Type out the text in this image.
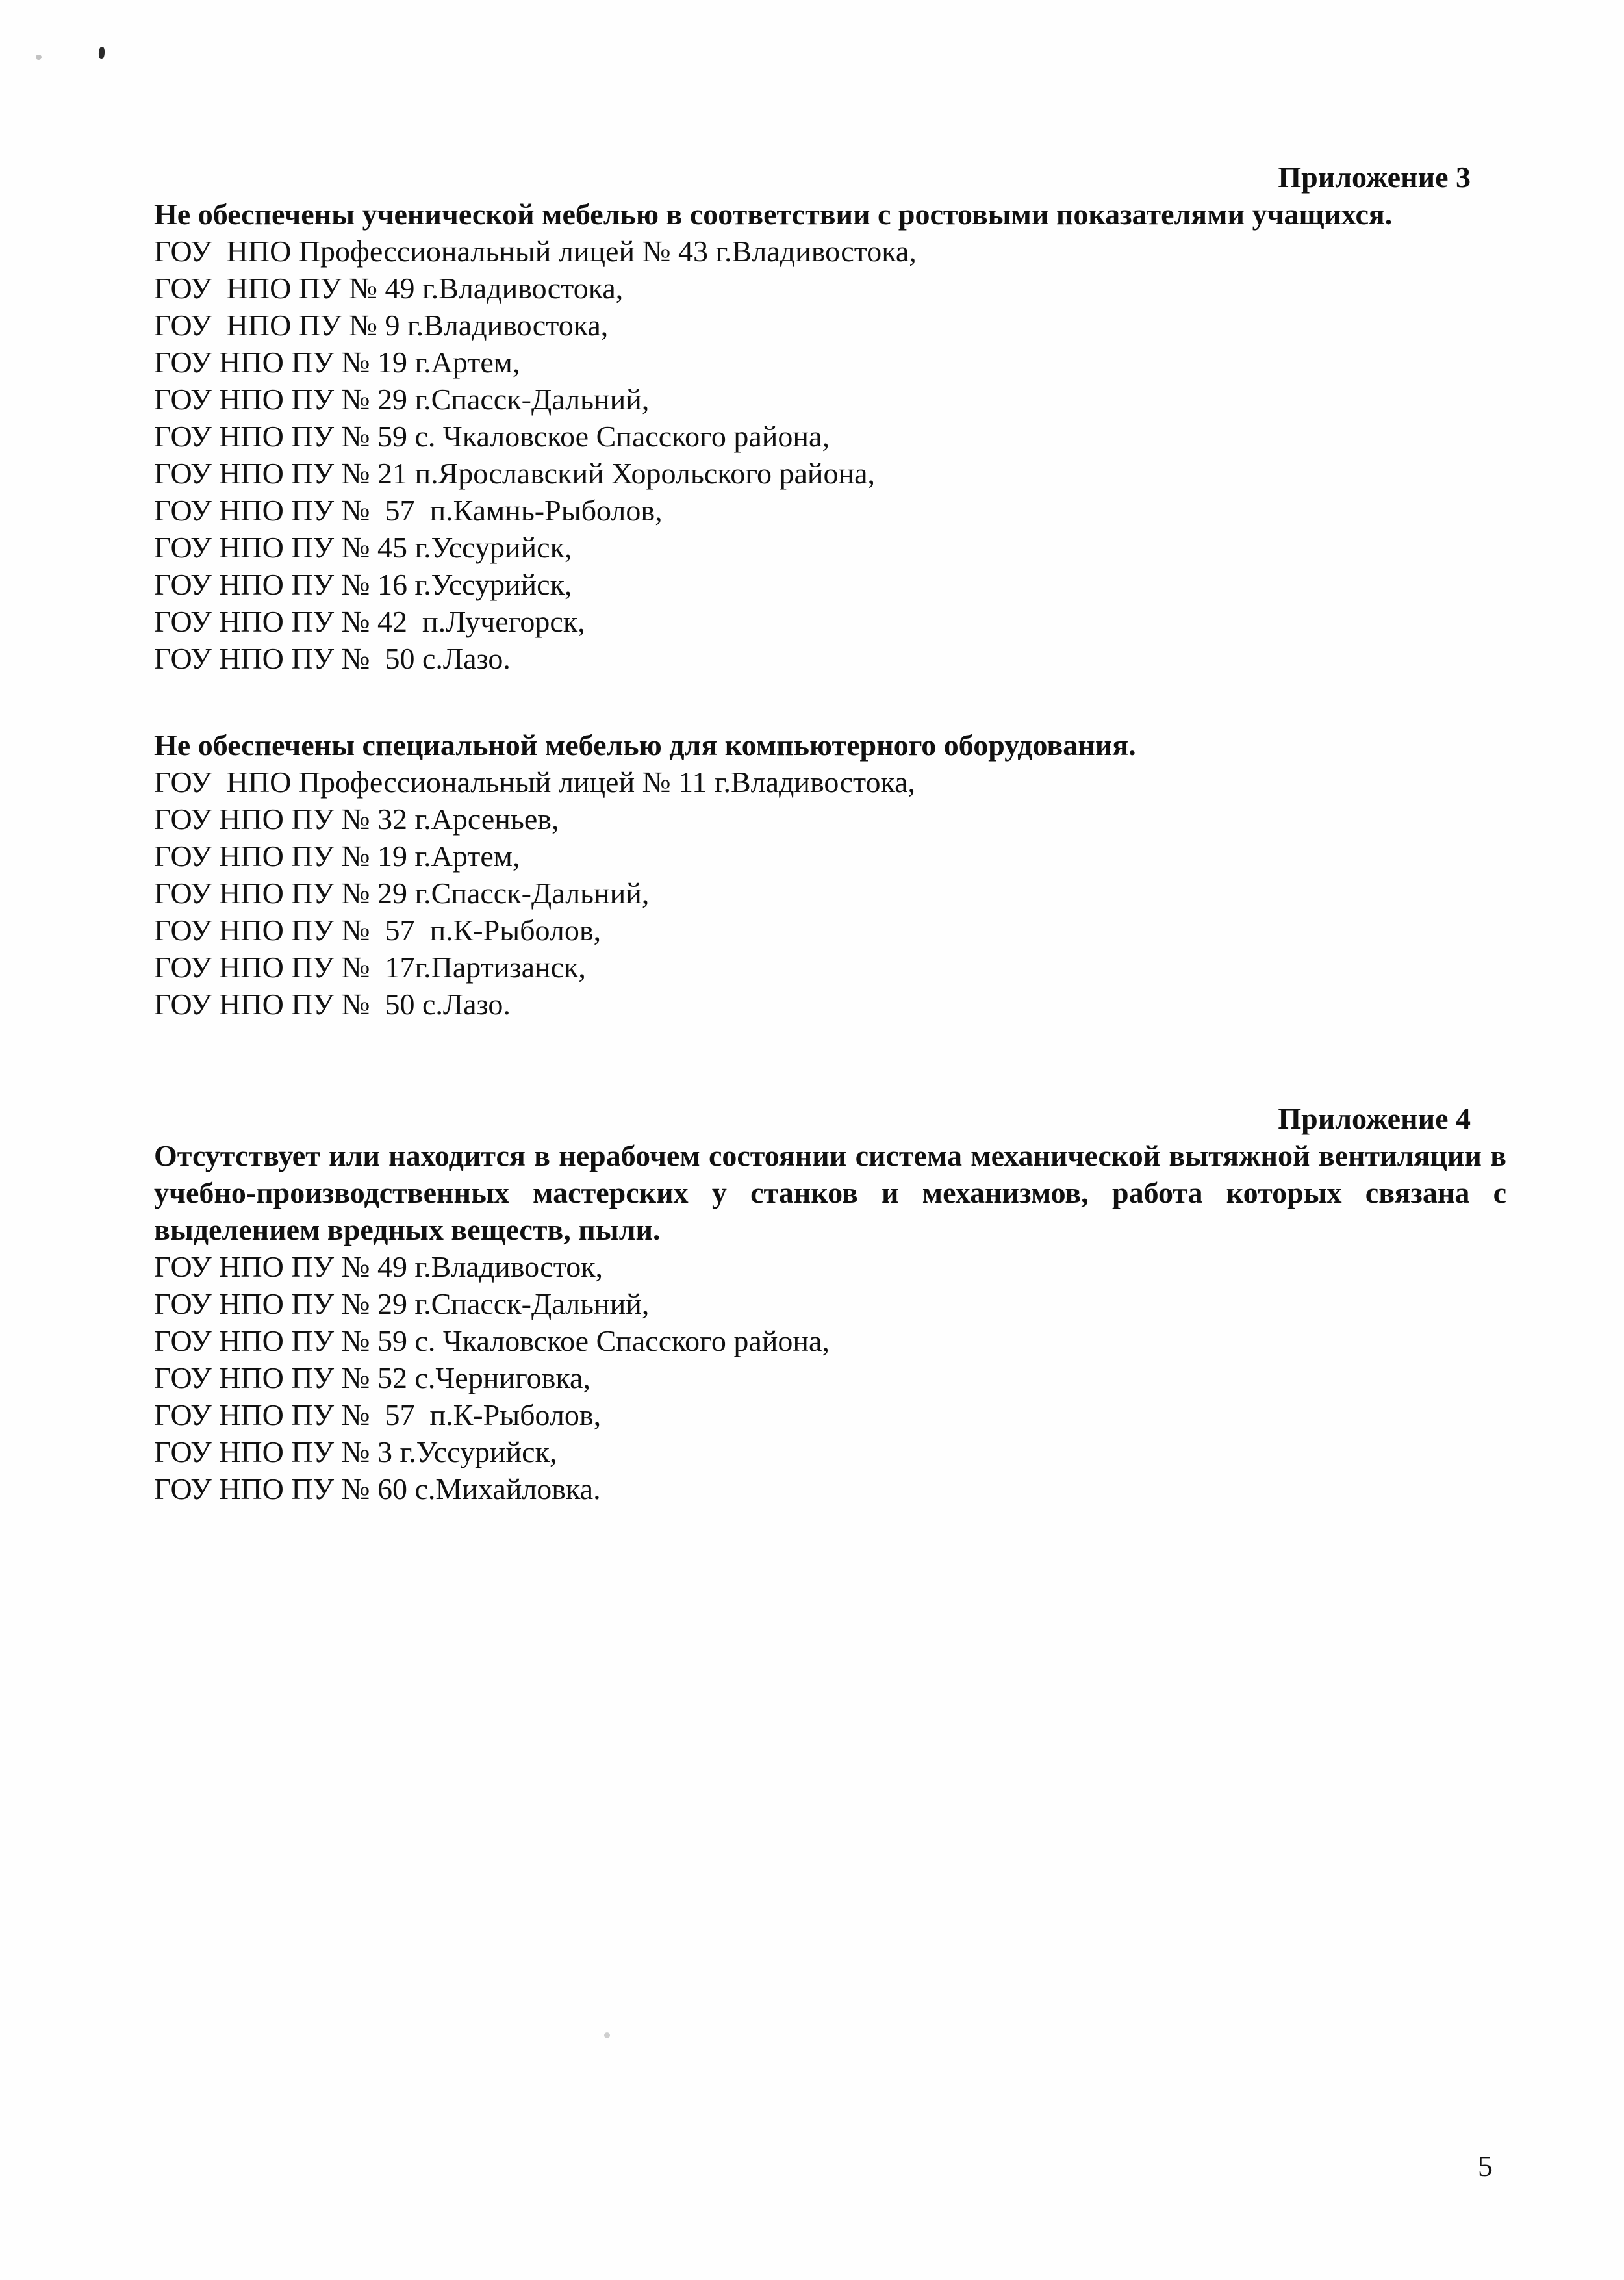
Приложение 3
Не обеспечены ученической мебелью в соответствии с ростовыми показателями учащихся.
ГОУ  НПО Профессиональный лицей № 43 г.Владивостока,
ГОУ  НПО ПУ № 49 г.Владивостока,
ГОУ  НПО ПУ № 9 г.Владивостока,
ГОУ НПО ПУ № 19 г.Артем,
ГОУ НПО ПУ № 29 г.Спасск-Дальний,
ГОУ НПО ПУ № 59 с. Чкаловское Спасского района,
ГОУ НПО ПУ № 21 п.Ярославский Хорольского района,
ГОУ НПО ПУ №  57  п.Камнь-Рыболов,
ГОУ НПО ПУ № 45 г.Уссурийск,
ГОУ НПО ПУ № 16 г.Уссурийск,
ГОУ НПО ПУ № 42  п.Лучегорск,
ГОУ НПО ПУ №  50 с.Лазо.
Не обеспечены специальной мебелью для компьютерного оборудования.
ГОУ  НПО Профессиональный лицей № 11 г.Владивостока,
ГОУ НПО ПУ № 32 г.Арсеньев,
ГОУ НПО ПУ № 19 г.Артем,
ГОУ НПО ПУ № 29 г.Спасск-Дальний,
ГОУ НПО ПУ №  57  п.К-Рыболов,
ГОУ НПО ПУ №  17г.Партизанск,
ГОУ НПО ПУ №  50 с.Лазо.
Приложение 4
Отсутствует или находится в нерабочем состоянии система механической вытяжной вентиляции в учебно-производственных мастерских у станков и механизмов, работа которых связана с выделением вредных веществ, пыли.
ГОУ НПО ПУ № 49 г.Владивосток,
ГОУ НПО ПУ № 29 г.Спасск-Дальний,
ГОУ НПО ПУ № 59 с. Чкаловское Спасского района,
ГОУ НПО ПУ № 52 с.Черниговка,
ГОУ НПО ПУ №  57  п.К-Рыболов,
ГОУ НПО ПУ № 3 г.Уссурийск,
ГОУ НПО ПУ № 60 с.Михайловка.
5
